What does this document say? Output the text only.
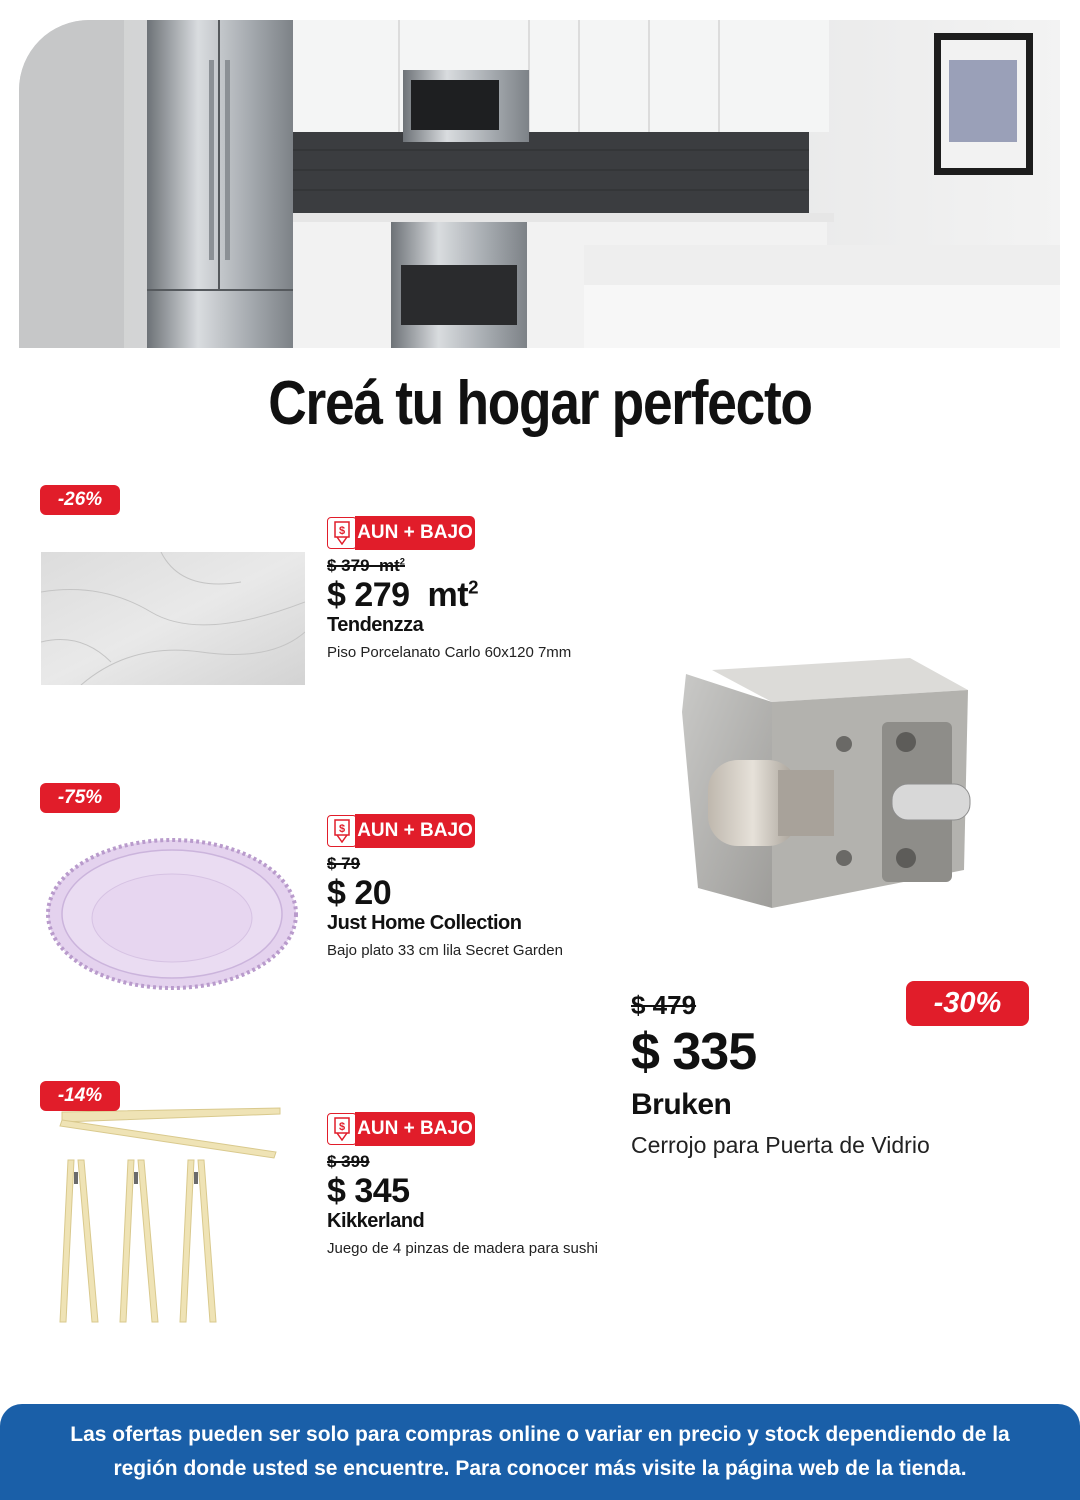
Creá tu hogar perfecto
-26%
$ AUN + BAJO
$ 379 $mt^2$
$ 279 $mt^2$
Tendenzza
Piso Porcelanato Carlo 60x120 7mm
-75%
$ AUN + BAJO
$ 79
$ 20
Just Home Collection
Bajo plato 33 cm lila Secret Garden
-14%
$ AUN + BAJO
$ 399
$ 345
Kikkerland
Juego de 4 pinzas de madera para sushi
-30%
$ 479
$ 335
Bruken
Cerrojo para Puerta de Vidrio

Las ofertas pueden ser solo para compras online o variar en precio y stock dependiendo de la región donde usted se encuentre. Para conocer más visite la página web de la tienda.
